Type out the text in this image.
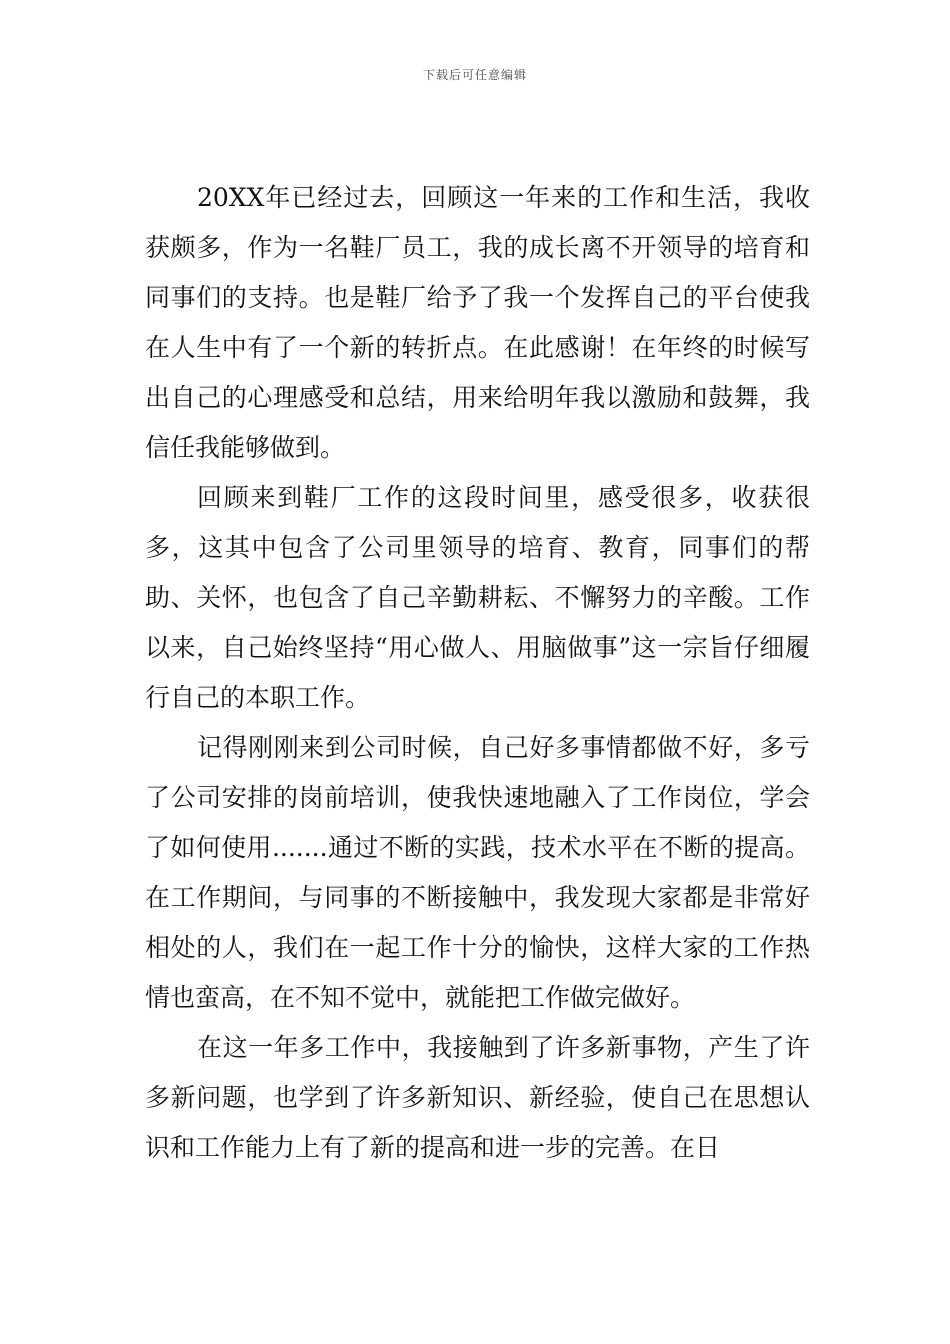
下载后可任意编辑

20XX年已经过去，回顾这一年来的工作和生活，我收获颇多，作为一名鞋厂员工，我的成长离不开领导的培育和同事们的支持。也是鞋厂给予了我一个发挥自己的平台使我在人生中有了一个新的转折点。在此感谢！在年终的时候写出自己的心理感受和总结，用来给明年我以激励和鼓舞，我信任我能够做到。

回顾来到鞋厂工作的这段时间里，感受很多，收获很多，这其中包含了公司里领导的培育、教育，同事们的帮助、关怀，也包含了自己辛勤耕耘、不懈努力的辛酸。工作以来，自己始终坚持“用心做人、用脑做事”这一宗旨仔细履行自己的本职工作。

记得刚刚来到公司时候，自己好多事情都做不好，多亏了公司安排的岗前培训，使我快速地融入了工作岗位，学会了如何使用.......通过不断的实践，技术水平在不断的提高。在工作期间，与同事的不断接触中，我发现大家都是非常好相处的人，我们在一起工作十分的愉快，这样大家的工作热情也蛮高，在不知不觉中，就能把工作做完做好。

在这一年多工作中，我接触到了许多新事物，产生了许多新问题，也学到了许多新知识、新经验，使自己在思想认识和工作能力上有了新的提高和进一步的完善。在日
